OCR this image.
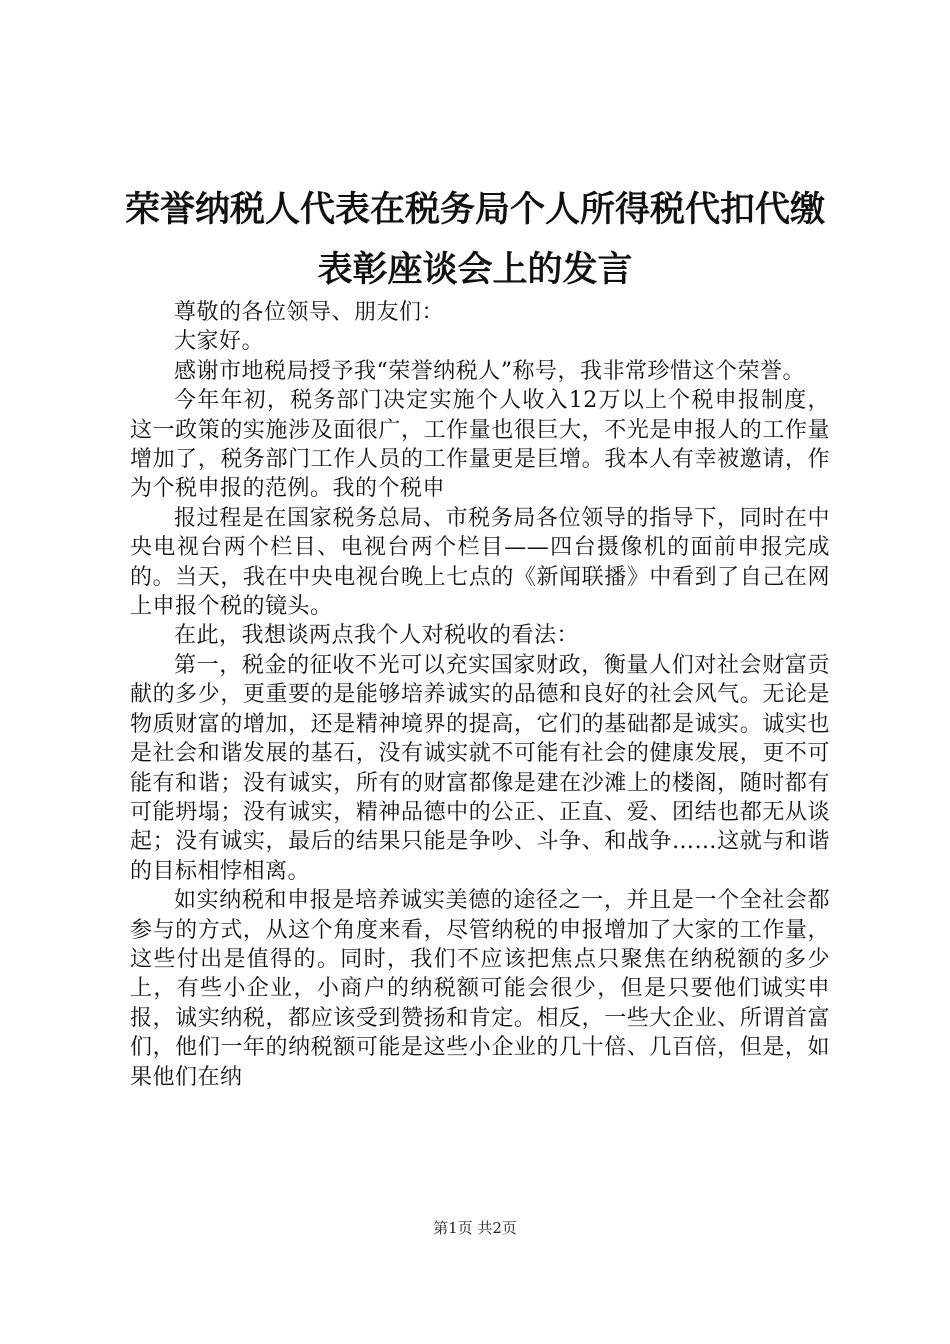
荣誉纳税人代表在税务局个人所得税代扣代缴
表彰座谈会上的发言

尊敬的各位领导、朋友们：

大家好。

感谢市地税局授予我“荣誉纳税人”称号，我非常珍惜这个荣誉。

今年年初，税务部门决定实施个人收入12万以上个税申报制度，这一政策的实施涉及面很广，工作量也很巨大，不光是申报人的工作量增加了，税务部门工作人员的工作量更是巨增。我本人有幸被邀请，作为个税申报的范例。我的个税申

报过程是在国家税务总局、市税务局各位领导的指导下，同时在中央电视台两个栏目、电视台两个栏目——四台摄像机的面前申报完成的。当天，我在中央电视台晚上七点的《新闻联播》中看到了自己在网上申报个税的镜头。

在此，我想谈两点我个人对税收的看法：

第一，税金的征收不光可以充实国家财政，衡量人们对社会财富贡献的多少，更重要的是能够培养诚实的品德和良好的社会风气。无论是物质财富的增加，还是精神境界的提高，它们的基础都是诚实。诚实也是社会和谐发展的基石，没有诚实就不可能有社会的健康发展，更不可能有和谐；没有诚实，所有的财富都像是建在沙滩上的楼阁，随时都有可能坍塌；没有诚实，精神品德中的公正、正直、爱、团结也都无从谈起；没有诚实，最后的结果只能是争吵、斗争、和战争……这就与和谐的目标相悖相离。

如实纳税和申报是培养诚实美德的途径之一，并且是一个全社会都参与的方式，从这个角度来看，尽管纳税的申报增加了大家的工作量，这些付出是值得的。同时，我们不应该把焦点只聚焦在纳税额的多少上，有些小企业，小商户的纳税额可能会很少，但是只要他们诚实申报，诚实纳税，都应该受到赞扬和肯定。相反，一些大企业、所谓首富们，他们一年的纳税额可能是这些小企业的几十倍、几百倍，但是，如果他们在纳

第1页 共2页
